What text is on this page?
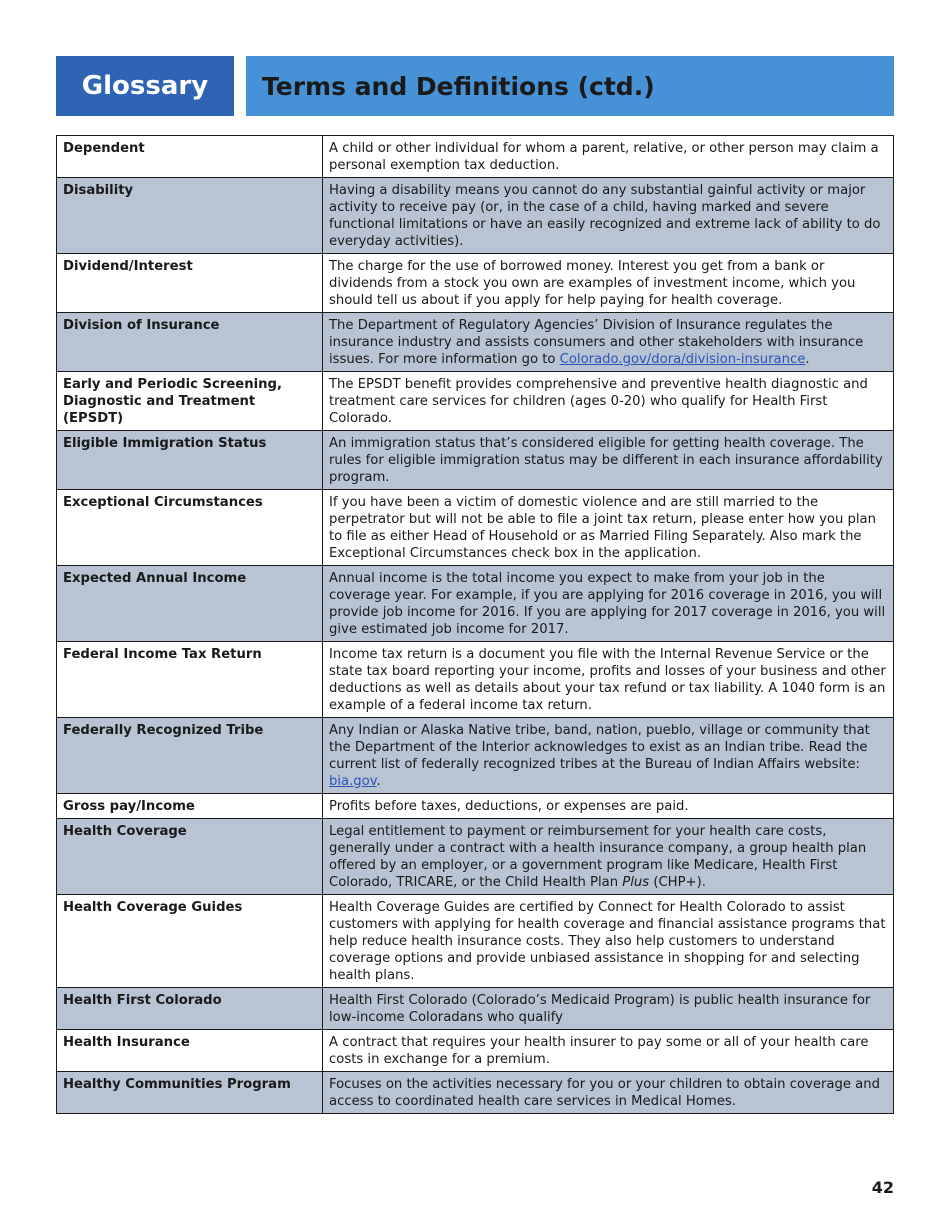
Glossary	Terms and Definitions (ctd.)
Dependent	A child or other individual for whom a parent, relative, or other person may claim a personal exemption tax deduction.
Disability	Having a disability means you cannot do any substantial gainful activity or major activity to receive pay (or, in the case of a child, having marked and severe functional limitations or have an easily recognized and extreme lack of ability to do everyday activities).
Dividend/Interest	The charge for the use of borrowed money. Interest you get from a bank or dividends from a stock you own are examples of investment income, which you should tell us about if you apply for help paying for health coverage.
Division of Insurance	The Department of Regulatory Agencies’ Division of Insurance regulates the insurance industry and assists consumers and other stakeholders with insurance issues. For more information go to Colorado.gov/dora/division-insurance.
Early and Periodic Screening,
Diagnostic and Treatment (EPSDT)	The EPSDT benefit provides comprehensive and preventive health diagnostic and treatment care services for children (ages 0-20) who qualify for Health First Colorado.
Eligible Immigration Status	An immigration status that’s considered eligible for getting health coverage. The rules for eligible immigration status may be different in each insurance affordability program.
Exceptional Circumstances	If you have been a victim of domestic violence and are still married to the perpetrator but will not be able to file a joint tax return, please enter how you plan to file as either Head of Household or as Married Filing Separately. Also mark the Exceptional Circumstances check box in the application.
Expected Annual Income	Annual income is the total income you expect to make from your job in the coverage year. For example, if you are applying for 2016 coverage in 2016, you will provide job income for 2016. If you are applying for 2017 coverage in 2016, you will give estimated job income for 2017.
Federal Income Tax Return	Income tax return is a document you file with the Internal Revenue Service or the state tax board reporting your income, profits and losses of your business and other deductions as well as details about your tax refund or tax liability. A 1040 form is an example of a federal income tax return.
Federally Recognized Tribe	Any Indian or Alaska Native tribe, band, nation, pueblo, village or community that the Department of the Interior acknowledges to exist as an Indian tribe. Read the current list of federally recognized tribes at the Bureau of Indian Affairs website: bia.gov.
Gross pay/Income	Profits before taxes, deductions, or expenses are paid.
Health Coverage	Legal entitlement to payment or reimbursement for your health care costs, generally under a contract with a health insurance company, a group health plan offered by an employer, or a government program like Medicare, Health First Colorado, TRICARE, or the Child Health Plan Plus (CHP+).
Health Coverage Guides	Health Coverage Guides are certified by Connect for Health Colorado to assist customers with applying for health coverage and financial assistance programs that help reduce health insurance costs. They also help customers to understand coverage options and provide unbiased assistance in shopping for and selecting health plans.
Health First Colorado	Health First Colorado (Colorado’s Medicaid Program) is public health insurance for low-income Coloradans who qualify
Health Insurance	A contract that requires your health insurer to pay some or all of your health care costs in exchange for a premium.
Healthy Communities Program	Focuses on the activities necessary for you or your children to obtain coverage and access to coordinated health care services in Medical Homes.
42
